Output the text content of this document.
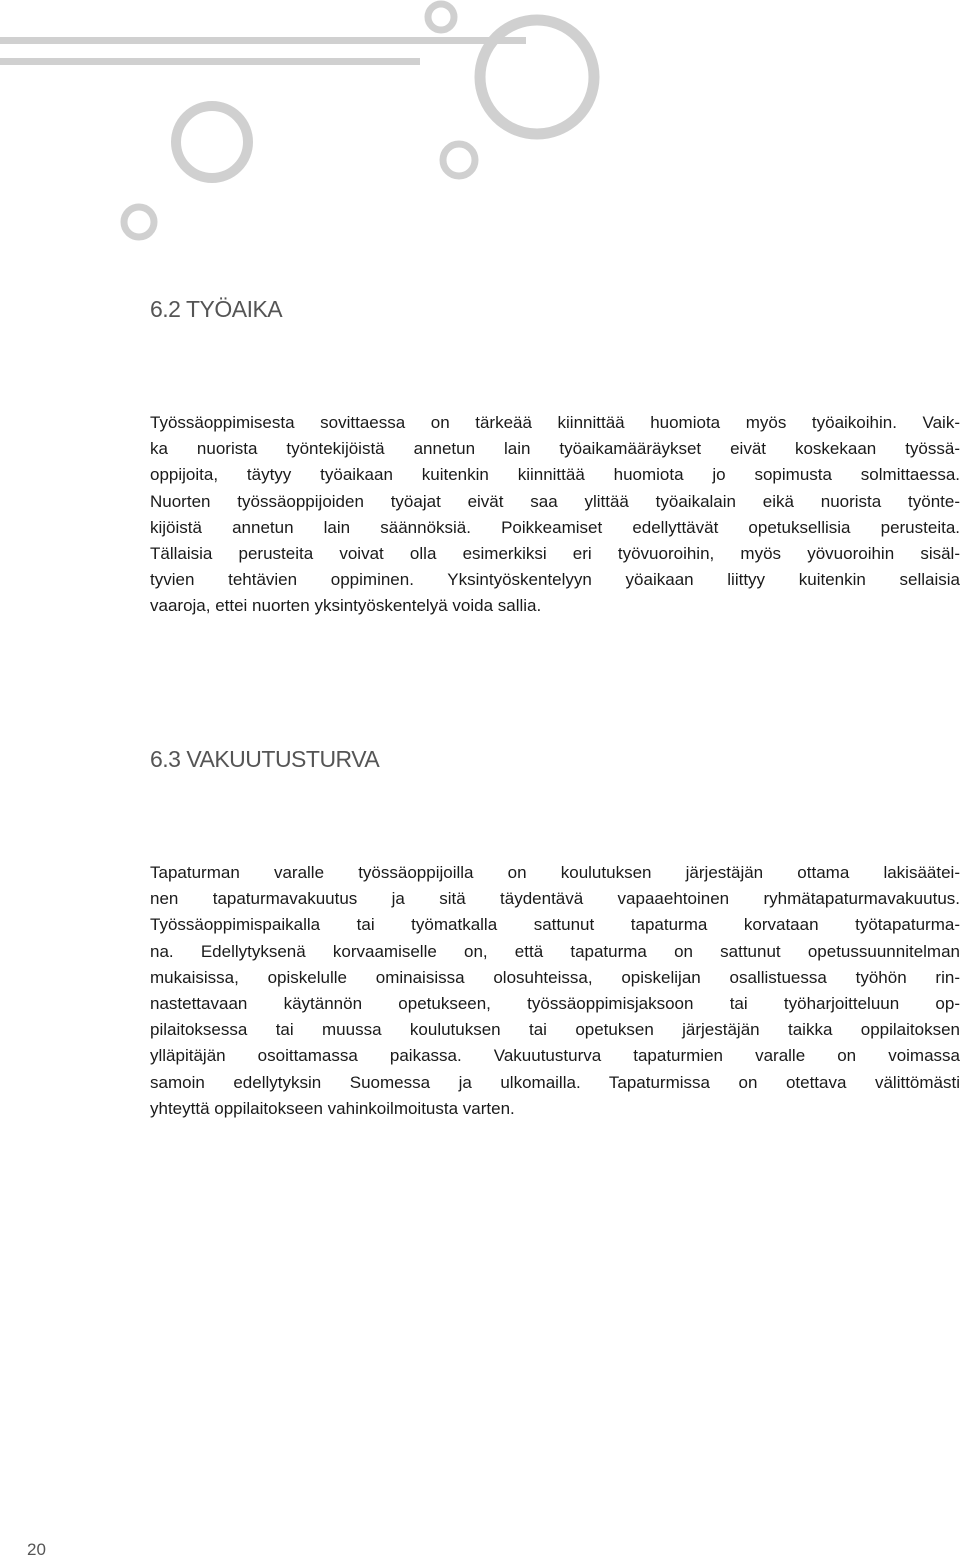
6.2 TYÖAIKA

Työssäoppimisesta sovittaessa on tärkeää kiinnittää huomiota myös työaikoihin. Vaik-
ka nuorista työntekijöistä annetun lain työaikamääräykset eivät koskekaan työssä-
oppijoita, täytyy työaikaan kuitenkin kiinnittää huomiota jo sopimusta solmittaessa.
Nuorten työssäoppijoiden työajat eivät saa ylittää työaikalain eikä nuorista työnte-
kijöistä annetun lain säännöksiä. Poikkeamiset edellyttävät opetuksellisia perusteita.
Tällaisia perusteita voivat olla esimerkiksi eri työvuoroihin, myös yövuoroihin sisäl-
tyvien tehtävien oppiminen. Yksintyöskentelyyn yöaikaan liittyy kuitenkin sellaisia
vaaroja, ettei nuorten yksintyöskentelyä voida sallia.

6.3 VAKUUTUSTURVA

Tapaturman varalle työssäoppijoilla on koulutuksen järjestäjän ottama lakisäätei-
nen tapaturmavakuutus ja sitä täydentävä vapaaehtoinen ryhmätapaturmavakuutus.
Työssäoppimispaikalla tai työmatkalla sattunut tapaturma korvataan työtapaturma-
na. Edellytyksenä korvaamiselle on, että tapaturma on sattunut opetussuunnitelman
mukaisissa, opiskelulle ominaisissa olosuhteissa, opiskelijan osallistuessa työhön rin-
nastettavaan käytännön opetukseen, työssäoppimisjaksoon tai työharjoitteluun op-
pilaitoksessa tai muussa koulutuksen tai opetuksen järjestäjän taikka oppilaitoksen
ylläpitäjän osoittamassa paikassa. Vakuutusturva tapaturmien varalle on voimassa
samoin edellytyksin Suomessa ja ulkomailla. Tapaturmissa on otettava välittömästi
yhteyttä oppilaitokseen vahinkoilmoitusta varten.

20
